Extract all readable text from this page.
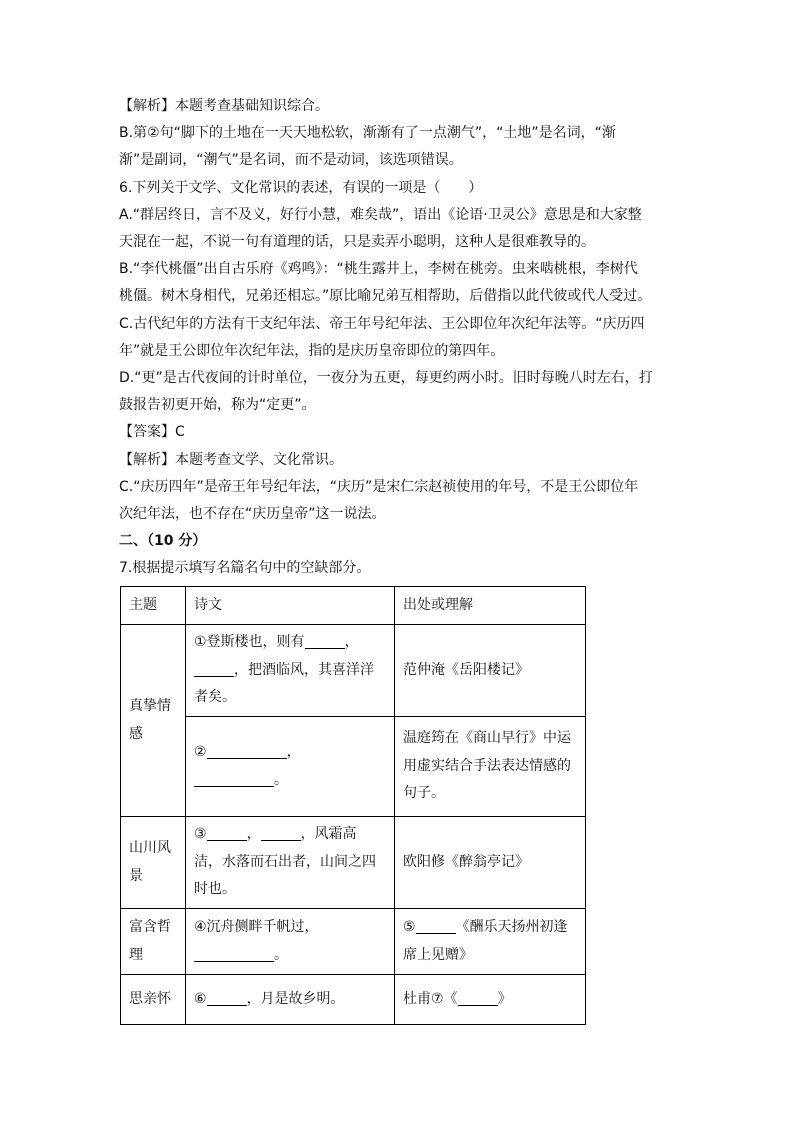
【解析】本题考查基础知识综合。
B.第②句“脚下的土地在一天天地松软，渐渐有了一点潮气”，“土地”是名词，“渐
渐”是副词，“潮气”是名词，而不是动词，该选项错误。
6.下列关于文学、文化常识的表述，有误的一项是（　　）
A.“群居终日，言不及义，好行小慧，难矣哉”，语出《论语·卫灵公》意思是和大家整
天混在一起，不说一句有道理的话，只是卖弄小聪明，这种人是很难教导的。
B.“李代桃僵”出自古乐府《鸡鸣》：“桃生露井上，李树在桃旁。虫来啮桃根，李树代
桃僵。树木身相代，兄弟还相忘。”原比喻兄弟互相帮助，后借指以此代彼或代人受过。
C.古代纪年的方法有干支纪年法、帝王年号纪年法、王公即位年次纪年法等。“庆历四
年”就是王公即位年次纪年法，指的是庆历皇帝即位的第四年。
D.“更”是古代夜间的计时单位，一夜分为五更，每更约两小时。旧时每晚八时左右，打
鼓报告初更开始，称为“定更”。
【答案】C
【解析】本题考查文学、文化常识。
C.“庆历四年”是帝王年号纪年法，“庆历”是宋仁宗赵祯使用的年号，不是王公即位年
次纪年法，也不存在“庆历皇帝”这一说法。
二、（10 分）
7.根据提示填写名篇名句中的空缺部分。
主题	诗文	出处或理解
真挚情
感	①登斯楼也，则有 ，
，把酒临风，其喜洋洋
者矣。	范仲淹《岳阳楼记》
	② ，
。	温庭筠在《商山早行》中运
用虚实结合手法表达情感的
句子。
山川风
景	③ ， ，风霜高
洁，水落而石出者，山间之四
时也。	欧阳修《醉翁亭记》
富含哲
理	④沉舟侧畔千帆过，
。	⑤ 《酬乐天扬州初逢
席上见赠》
思亲怀	⑥ ，月是故乡明。	杜甫⑦《 》
